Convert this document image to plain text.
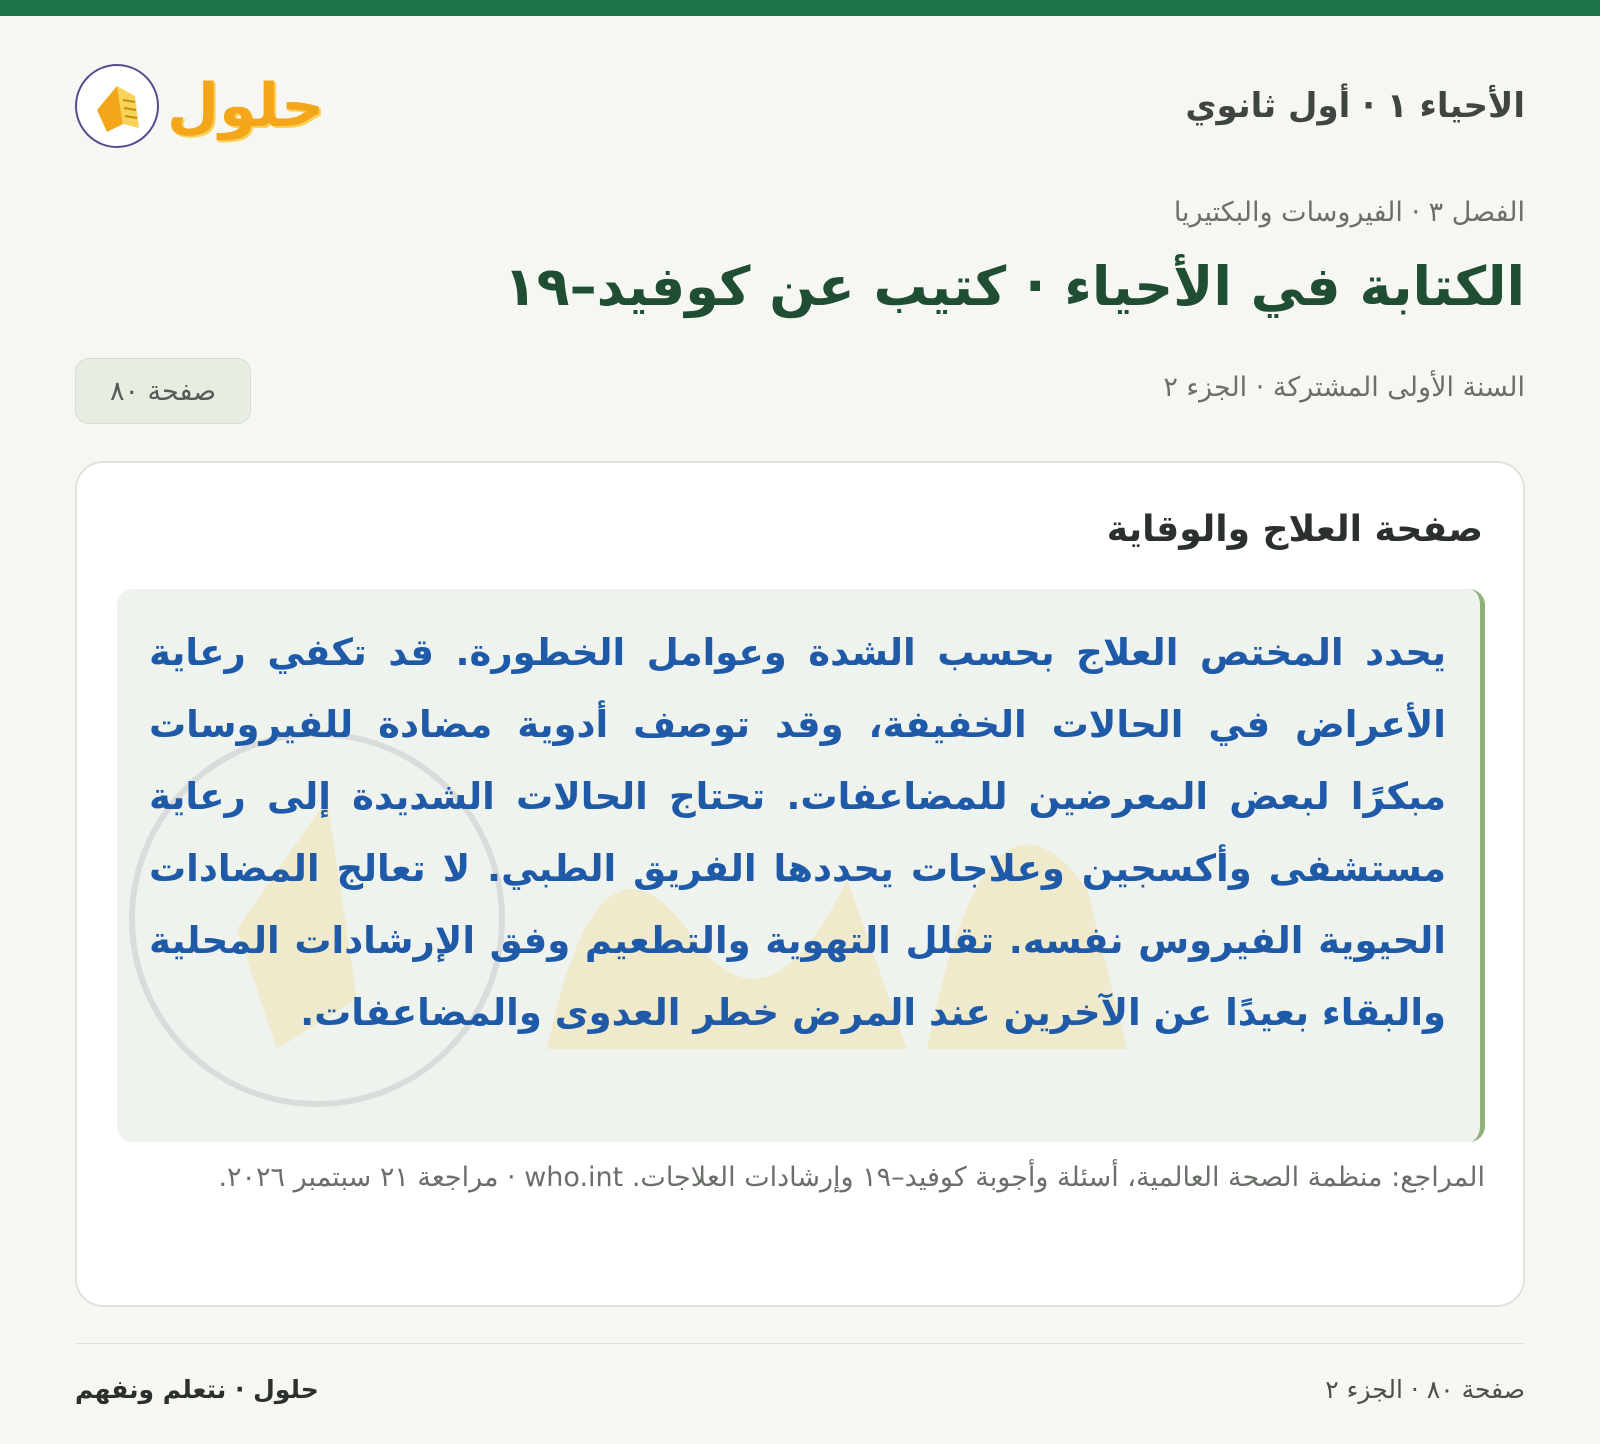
الأحياء ١ · أول ثانوي
حلول
الفصل ٣ · الفيروسات والبكتيريا
الكتابة في الأحياء · كتيب عن كوفيد–١٩
السنة الأولى المشتركة · الجزء ٢
صفحة ٨٠
صفحة العلاج والوقاية
يحدد المختص العلاج بحسب الشدة وعوامل الخطورة. قد تكفي رعاية الأعراض في الحالات الخفيفة، وقد توصف أدوية مضادة للفيروسات مبكرًا لبعض المعرضين للمضاعفات. تحتاج الحالات الشديدة إلى رعاية مستشفى وأكسجين وعلاجات يحددها الفريق الطبي. لا تعالج المضادات الحيوية الفيروس نفسه. تقلل التهوية والتطعيم وفق الإرشادات المحلية والبقاء بعيدًا عن الآخرين عند المرض خطر العدوى والمضاعفات.
المراجع: منظمة الصحة العالمية، أسئلة وأجوبة كوفيد–١٩ وإرشادات العلاجات. who.int · مراجعة ٢١ سبتمبر ٢٠٢٦.
صفحة ٨٠ · الجزء ٢
حلول · نتعلم ونفهم
